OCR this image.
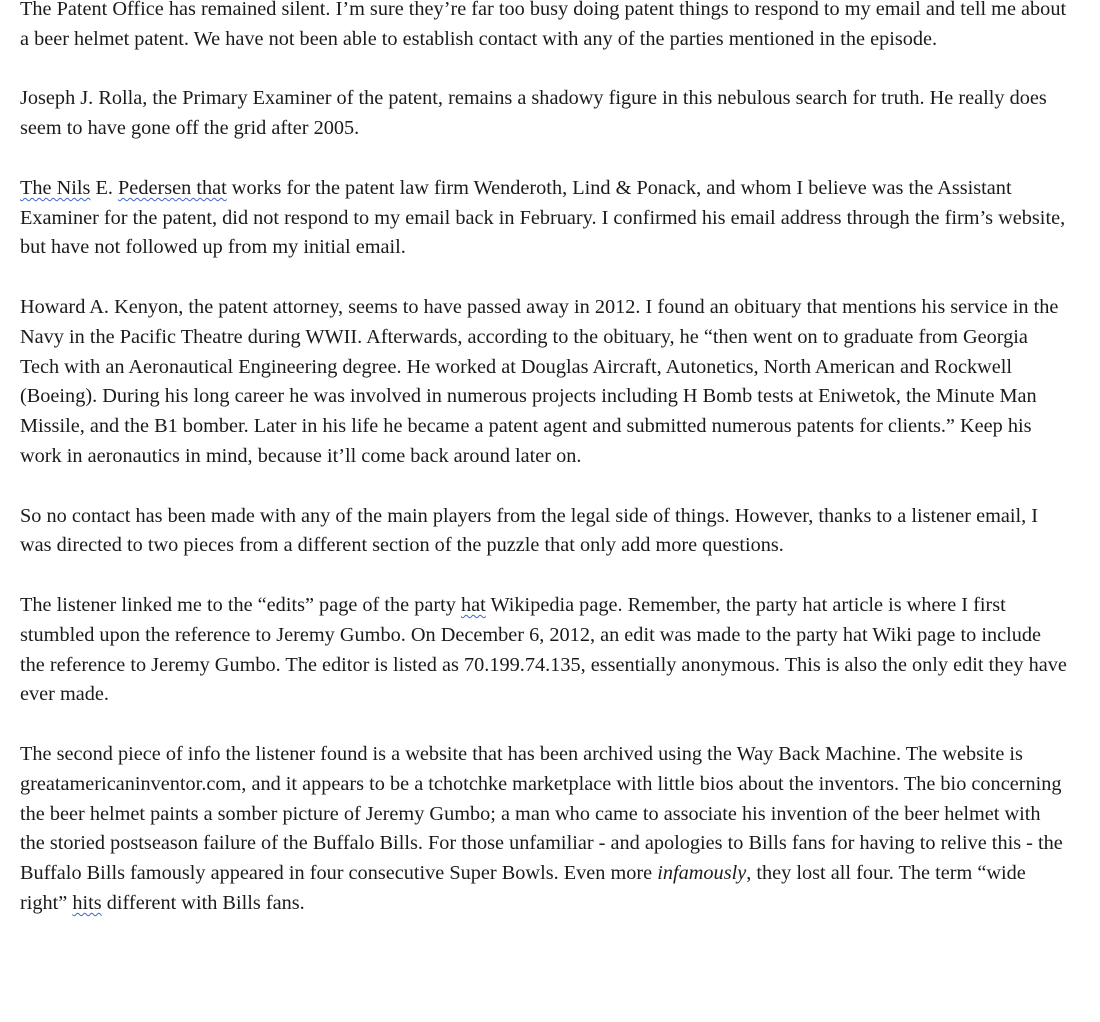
The Patent Office has remained silent. I’m sure they’re far too busy doing patent things to respond to my email and tell me about a beer helmet patent. We have not been able to establish contact with any of the parties mentioned in the episode.

Joseph J. Rolla, the Primary Examiner of the patent, remains a shadowy figure in this nebulous search for truth. He really does seem to have gone off the grid after 2005.

The Nils E. Pedersen that works for the patent law firm Wenderoth, Lind & Ponack, and whom I believe was the Assistant Examiner for the patent, did not respond to my email back in February. I confirmed his email address through the firm’s website, but have not followed up from my initial email.

Howard A. Kenyon, the patent attorney, seems to have passed away in 2012. I found an obituary that mentions his service in the Navy in the Pacific Theatre during WWII. Afterwards, according to the obituary, he “then went on to graduate from Georgia Tech with an Aeronautical Engineering degree. He worked at Douglas Aircraft, Autonetics, North American and Rockwell (Boeing). During his long career he was involved in numerous projects including H Bomb tests at Eniwetok, the Minute Man Missile, and the B1 bomber. Later in his life he became a patent agent and submitted numerous patents for clients.” Keep his work in aeronautics in mind, because it’ll come back around later on.

So no contact has been made with any of the main players from the legal side of things. However, thanks to a listener email, I was directed to two pieces from a different section of the puzzle that only add more questions.

The listener linked me to the “edits” page of the party hat Wikipedia page. Remember, the party hat article is where I first stumbled upon the reference to Jeremy Gumbo. On December 6, 2012, an edit was made to the party hat Wiki page to include the reference to Jeremy Gumbo. The editor is listed as 70.199.74.135, essentially anonymous. This is also the only edit they have ever made.

The second piece of info the listener found is a website that has been archived using the Way Back Machine. The website is greatamericaninventor.com, and it appears to be a tchotchke marketplace with little bios about the inventors. The bio concerning the beer helmet paints a somber picture of Jeremy Gumbo; a man who came to associate his invention of the beer helmet with the storied postseason failure of the Buffalo Bills. For those unfamiliar - and apologies to Bills fans for having to relive this - the Buffalo Bills famously appeared in four consecutive Super Bowls. Even more infamously, they lost all four. The term “wide right” hits different with Bills fans.
